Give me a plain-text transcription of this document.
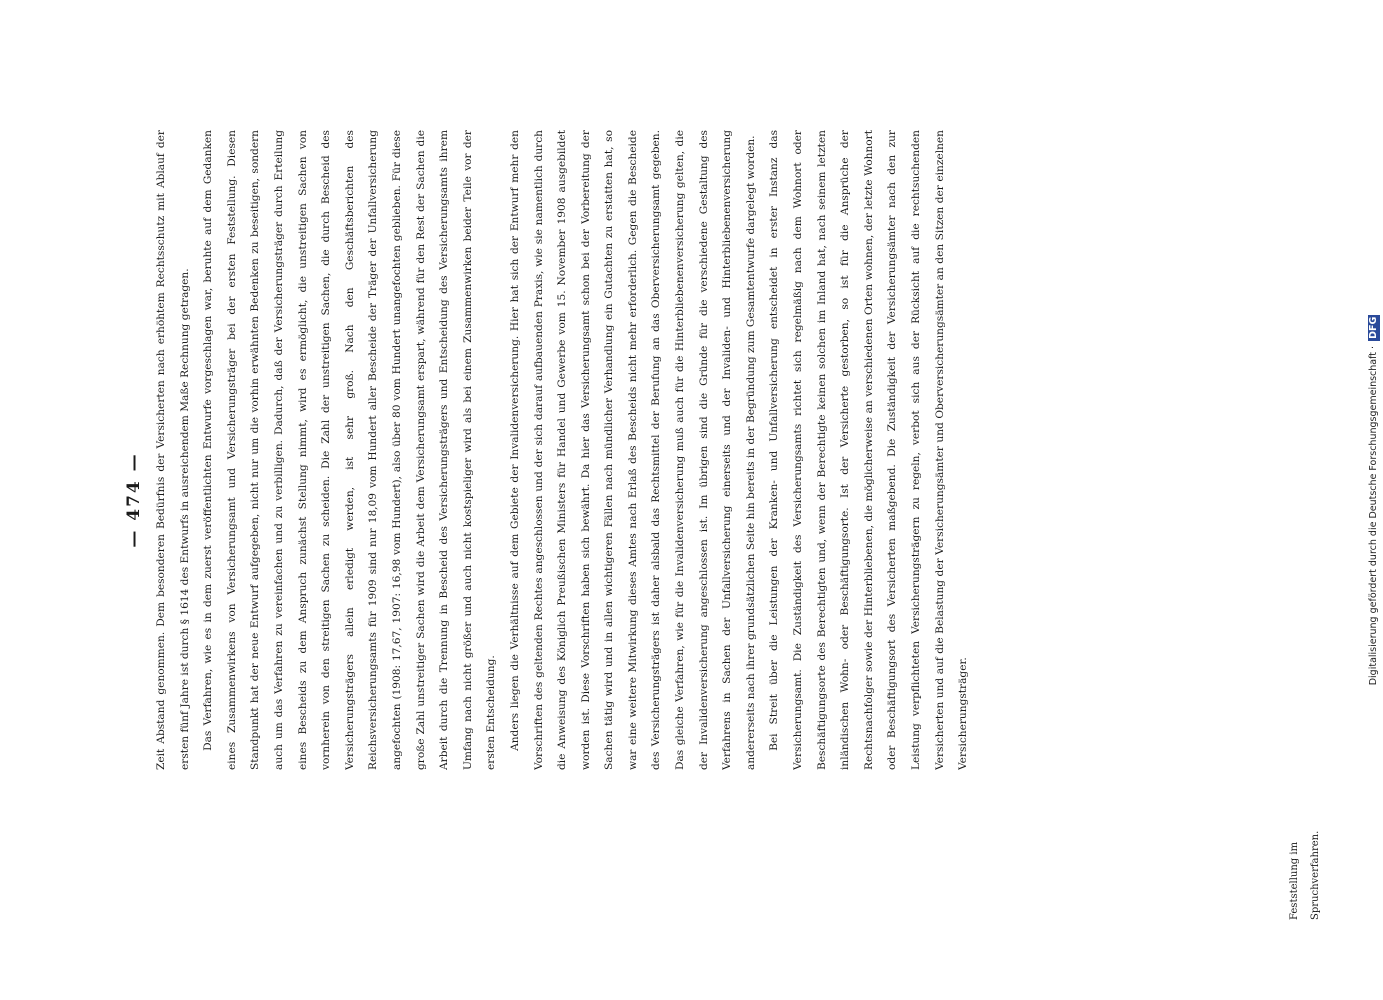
— 474 —	Zeit Abstand genommen. Dem besonderen Bedürfnis der Versicherten nach erhöhtem Rechtsschutz mit Ablauf der ersten fünf Jahre ist durch § 1614 des Entwurfs in ausreichendem Maße Rechnung getragen.	Das Verfahren, wie es in dem zuerst veröffentlichten Entwurfe vorgeschlagen war, beruhte auf dem Gedanken eines Zusammenwirkens von Versicherungsamt und Versicherungsträger bei der ersten Feststellung. Diesen Standpunkt hat der neue Entwurf aufgegeben, nicht nur um die vorhin erwähnten Bedenken zu beseitigen, sondern auch um das Verfahren zu vereinfachen und zu verbilligen. Dadurch, daß der Versicherungsträger durch Erteilung eines Bescheids zu dem Anspruch zunächst Stellung nimmt, wird es ermöglicht, die unstreitigen Sachen von vornherein von den streitigen Sachen zu scheiden. Die Zahl der unstreitigen Sachen, die durch Bescheid des Versicherungsträgers allein erledigt werden, ist sehr groß. Nach den Geschäftsberichten des Reichsversicherungsamts für 1909 sind nur 18,09 vom Hundert aller Bescheide der Träger der Unfallversicherung angefochten (1908: 17,67, 1907: 16,98 vom Hundert), also über 80 vom Hundert unangefochten geblieben. Für diese große Zahl unstreitiger Sachen wird die Arbeit dem Versicherungsamt erspart, während für den Rest der Sachen die Arbeit durch die Trennung in Bescheid des Versicherungsträgers und Entscheidung des Versicherungsamts ihrem Umfang nach nicht größer und auch nicht kostspieliger wird als bei einem Zusammenwirken beider Teile vor der ersten Entscheidung.	Anders liegen die Verhältnisse auf dem Gebiete der Invalidenversicherung. Hier hat sich der Entwurf mehr den Vorschriften des geltenden Rechtes angeschlossen und der sich darauf aufbauenden Praxis, wie sie namentlich durch die Anweisung des Königlich Preußischen Ministers für Handel und Gewerbe vom 15. November 1908 ausgebildet worden ist. Diese Vorschriften haben sich bewährt. Da hier das Versicherungsamt schon bei der Vorbereitung der Sachen tätig wird und in allen wichtigeren Fällen nach mündlicher Verhandlung ein Gutachten zu erstatten hat, so war eine weitere Mitwirkung dieses Amtes nach Erlaß des Bescheids nicht mehr erforderlich. Gegen die Bescheide des Versicherungsträgers ist daher alsbald das Rechtsmittel der Berufung an das Oberversicherungsamt gegeben. Das gleiche Verfahren, wie für die Invalidenversicherung muß auch für die Hinterbliebenenversicherung gelten, die der Invalidenversicherung angeschlossen ist. Im übrigen sind die Gründe für die verschiedene Gestaltung des Verfahrens in Sachen der Unfallversicherung einerseits und der Invaliden- und Hinterbliebenenversicherung andererseits nach ihrer grundsätzlichen Seite hin bereits in der Begründung zum Gesamtentwurfe dargelegt worden.	Bei Streit über die Leistungen der Kranken- und Unfallversicherung entscheidet in erster Instanz das Versicherungsamt. Die Zuständigkeit des Versicherungsamts richtet sich regelmäßig nach dem Wohnort oder Beschäftigungsorte des Berechtigten und, wenn der Berechtigte keinen solchen im Inland hat, nach seinem letzten inländischen Wohn- oder Beschäftigungsorte. Ist der Versicherte gestorben, so ist für die Ansprüche der Rechtsnachfolger sowie der Hinterbliebenen, die möglicherweise an verschiedenen Orten wohnen, der letzte Wohnort oder Beschäftigungsort des Versicherten maßgebend. Die Zuständigkeit der Versicherungsämter nach den zur Leistung verpflichteten Versicherungsträgern zu regeln, verbot sich aus der Rücksicht auf die rechtsuchenden Versicherten und auf die Belastung der Versicherungsämter und Oberversicherungsämter an den Sitzen der einzelnen Versicherungsträger.

Feststellung im Spruchverfahren.
Digitalisierung gefördert durch die Deutsche Forschungsgemeinschaft · DFG
